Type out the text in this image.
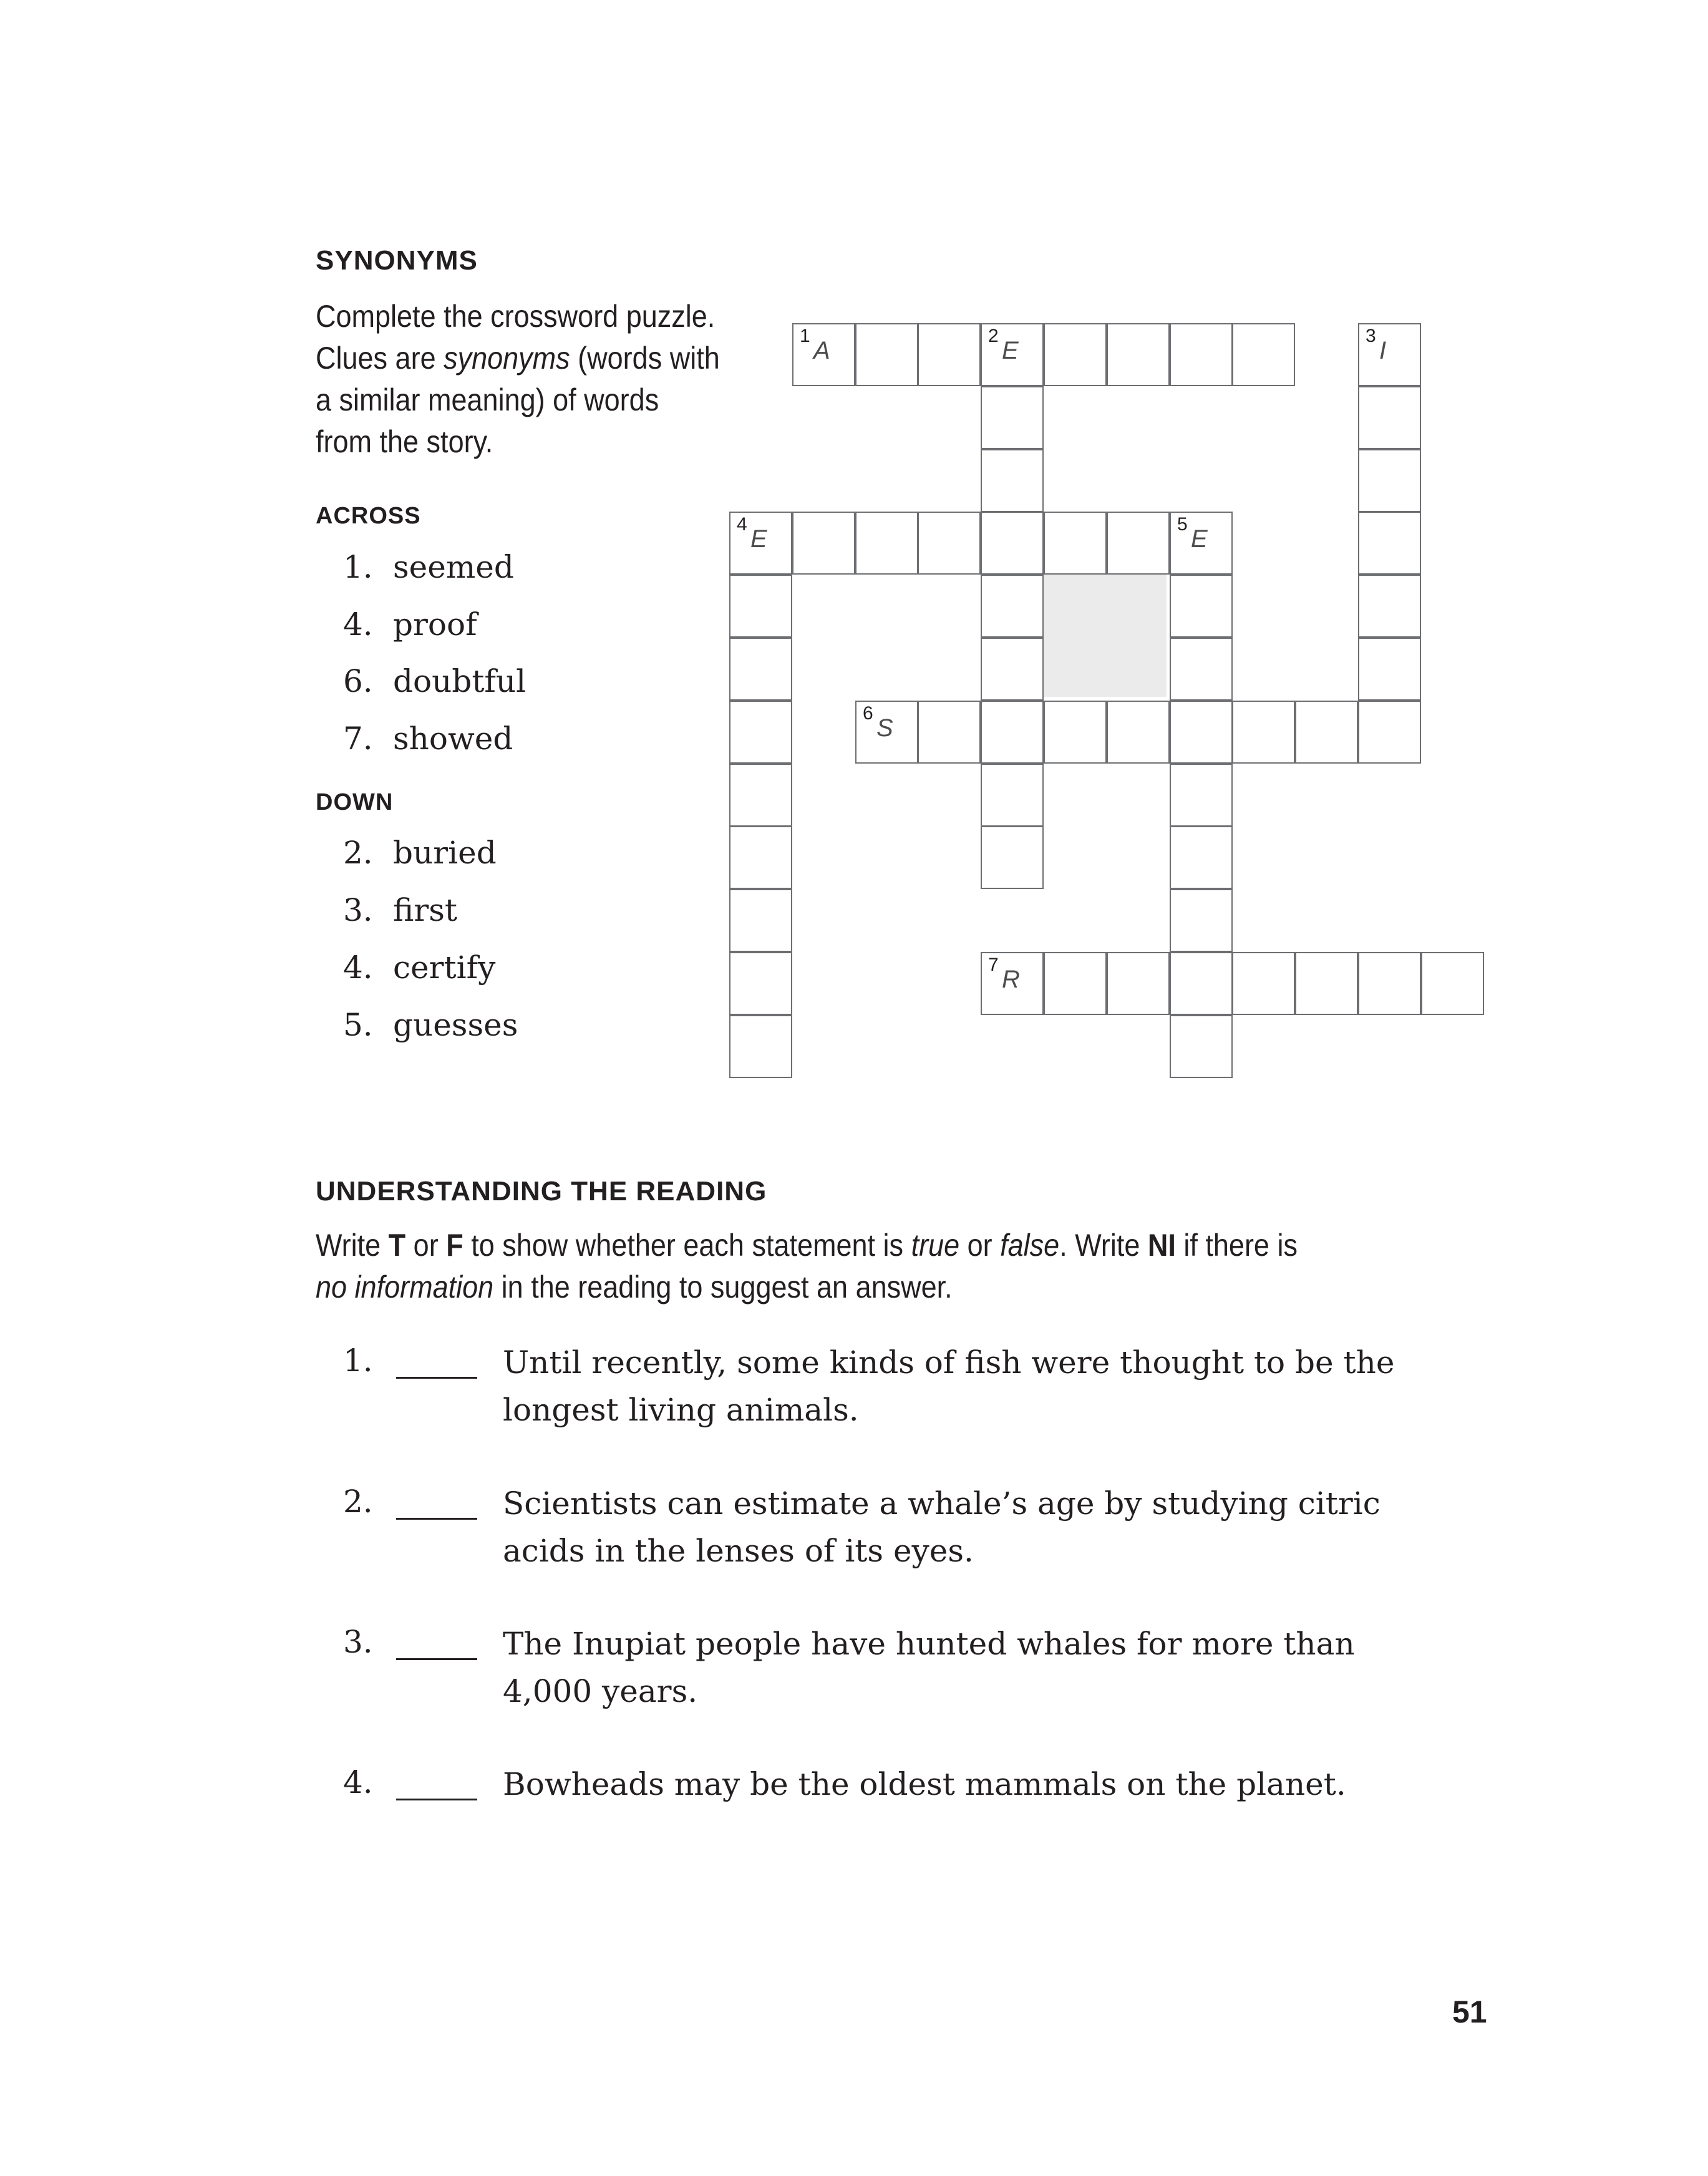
SYNONYMS
Complete the crossword puzzle.
Clues are synonyms (words with
a similar meaning) of words
from the story.
ACROSS
1. seemed
4. proof
6. doubtful
7. showed
DOWN
2. buried
3. first
4. certify
5. guesses
1
A
2
E
3
I
4
E
5
E
6
S
7
R
UNDERSTANDING THE READING
Write T or F to show whether each statement is true or false. Write NI if there is no information in the reading to suggest an answer.
1.	Until recently, some kinds of fish were thought to be the
longest living animals.
2.	Scientists can estimate a whale’s age by studying citric
acids in the lenses of its eyes.
3.	The Inupiat people have hunted whales for more than
4,000 years.
4.	Bowheads may be the oldest mammals on the planet.
51
